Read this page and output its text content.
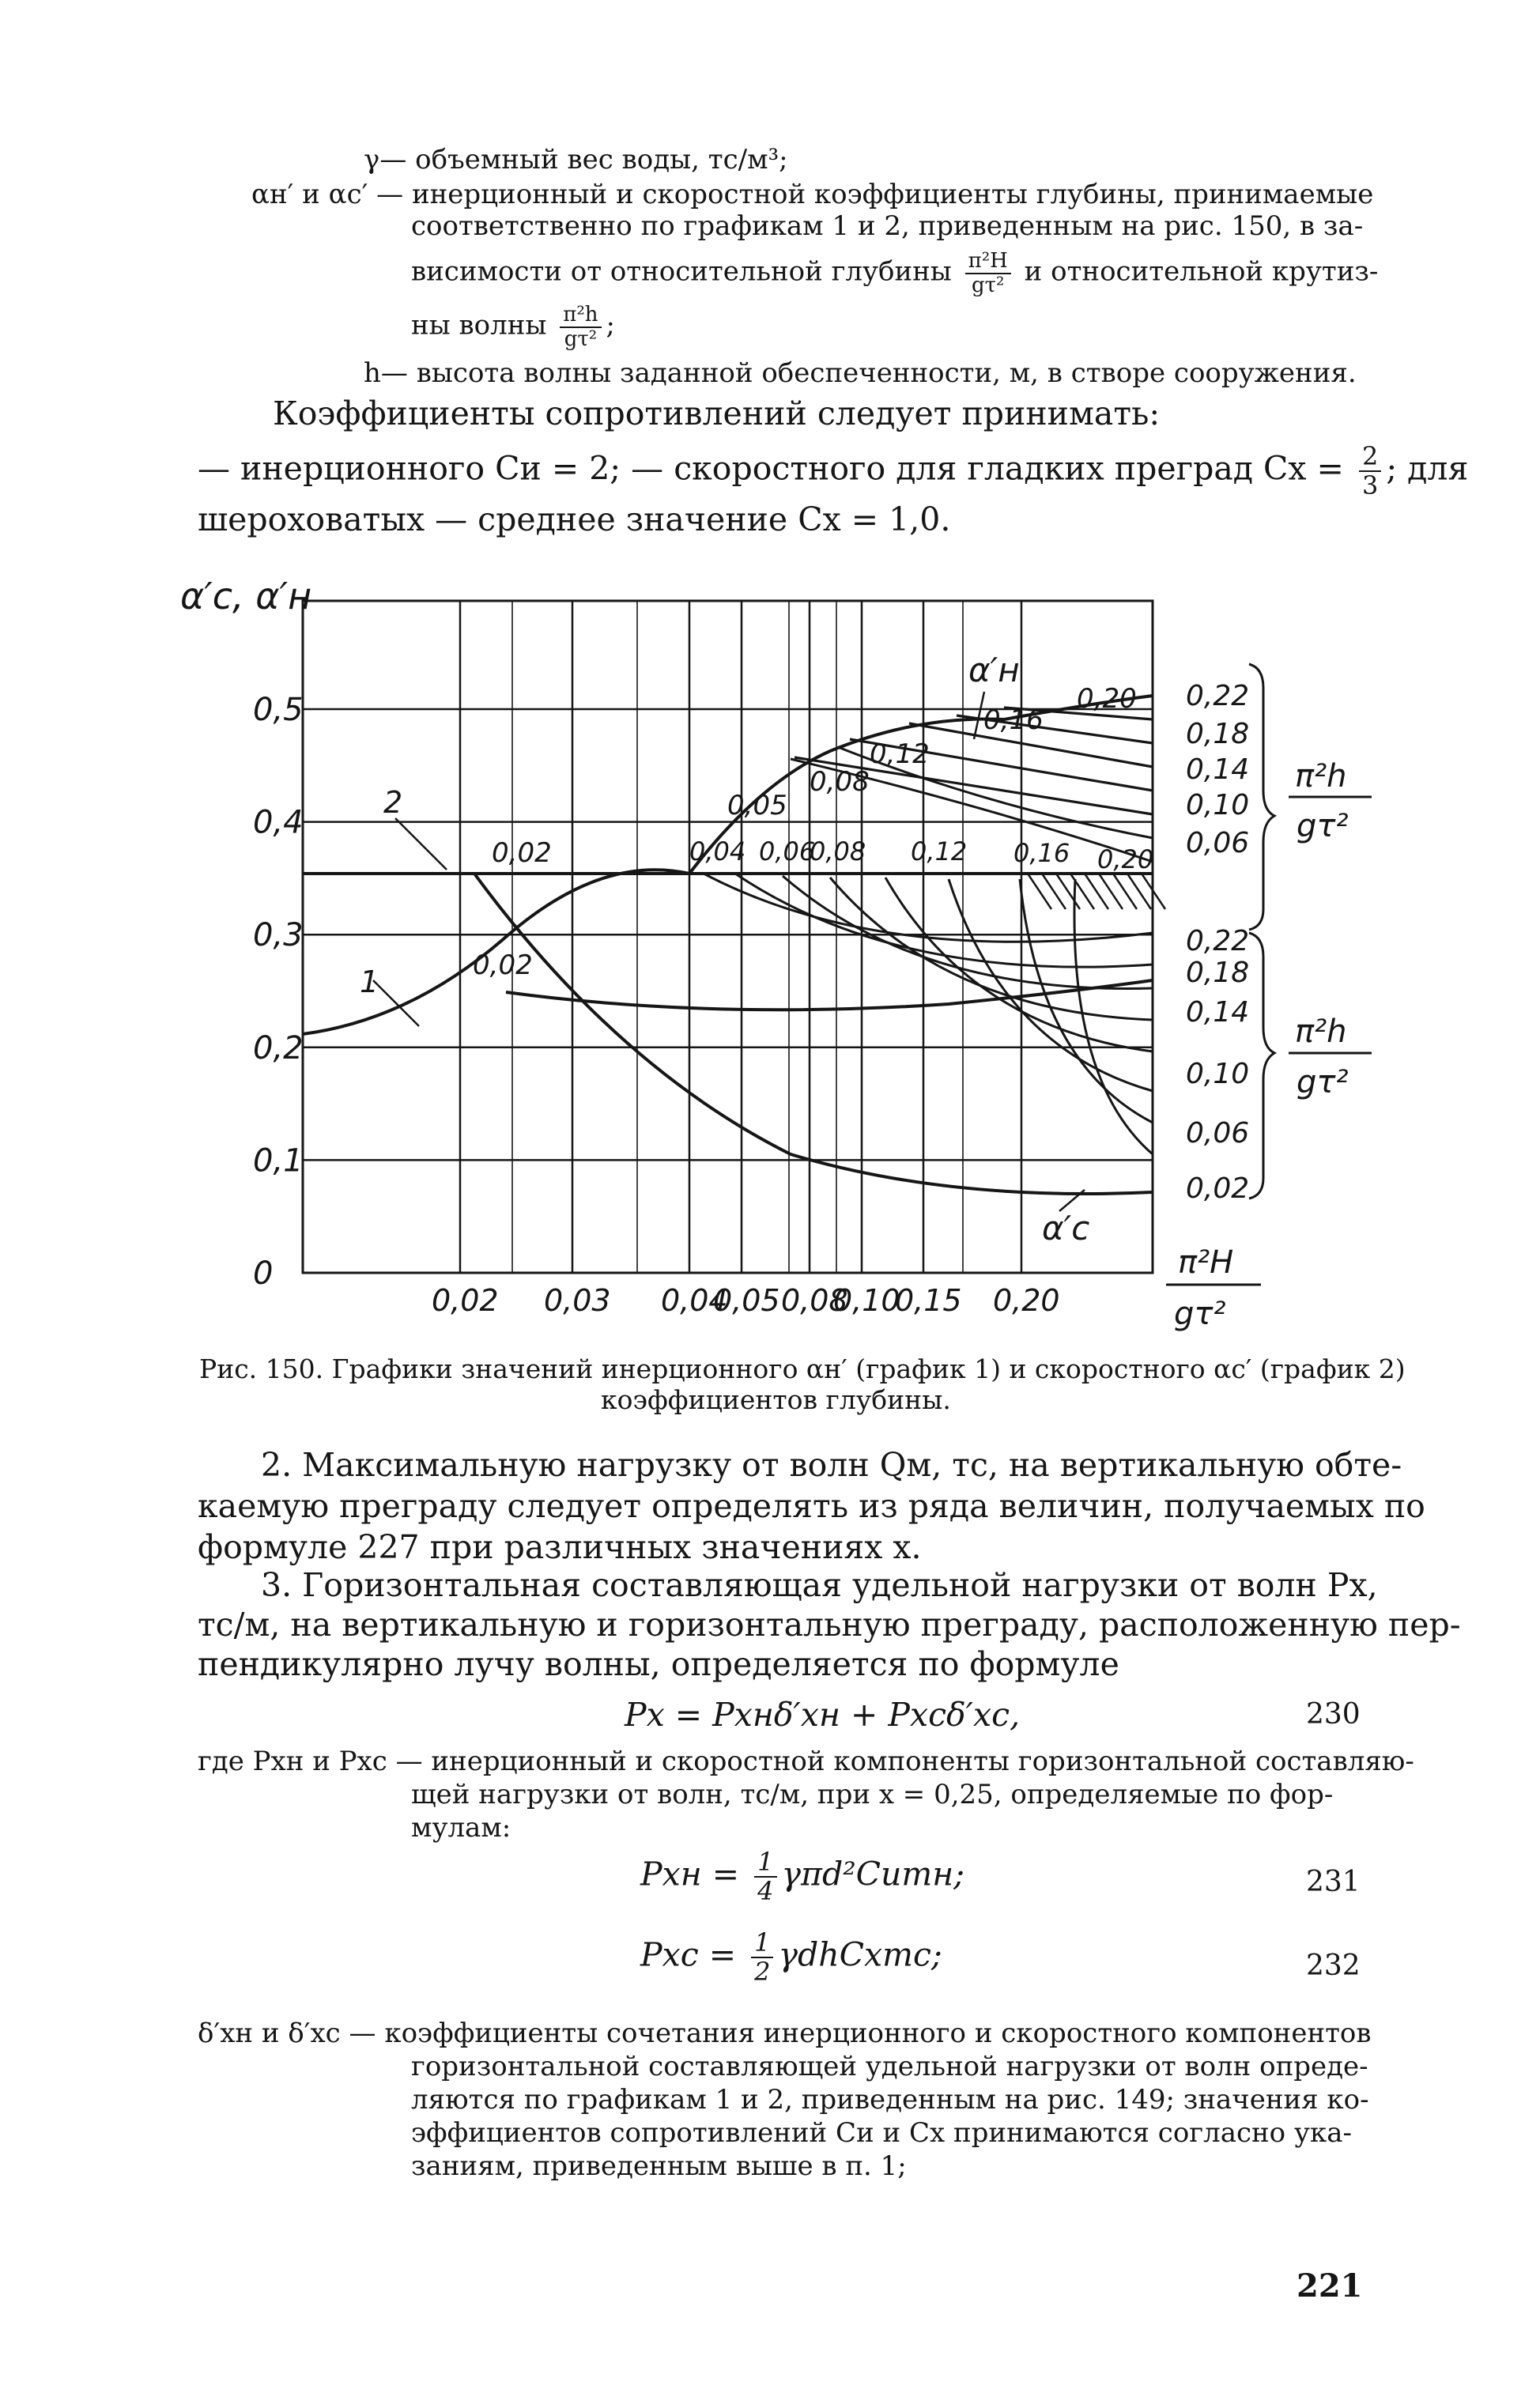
γ— объемный вес воды, тс/м³;
αн′ и αс′ — инерционный и скоростной коэффициенты глубины, принимаемые
соответственно по графикам 1 и 2, приведенным на рис. 150, в за-
висимости от относительной глубины $\frac{\text{π²H}}{\text{gτ²}}$ и относительной крутиз-
ны волны $\frac{\text{π²h}}{\text{gτ²}}$ ;
h— высота волны заданной обеспеченности, м, в створе сооружения.
Коэффициенты сопротивлений следует принимать:
— инерционного Cи = 2; — скоростного для гладких преград $Cx = \frac{2}{3}$ ; для
шероховатых — среднее значение Cx = 1,0.
α′с, α′н
0
0,1
0,2
0,3
0,4
0,5
0,02 0,03 0,04
0,05 0,08
0,10
0,15 0,20
π²H
gτ²
2
1
α′н
α′с
0,05
0,08
0,12
0,16
0,20
0,04 0,06
0,08 0,12 0,16 0,20
0,02
0,02
0,22
0,18
0,14
0,10
0,06
0,22
0,18
0,14
0,10
0,06
0,02
π²h
gτ²
π²h
gτ²
Рис. 150. Графики значений инерционного αн′ (график 1) и скоростного αс′ (график 2)
коэффициентов глубины.
2. Максимальную нагрузку от волн Qм, тс, на вертикальную обте-
каемую преграду следует определять из ряда величин, получаемых по
формуле 227 при различных значениях x.
3. Горизонтальная составляющая удельной нагрузки от волн Px,
тс/м, на вертикальную и горизонтальную преграду, расположенную пер-
пендикулярно лучу волны, определяется по формуле
Px = Pxнδ′xн + Pxсδ′xс,	230
где Pxн и Pxс — инерционный и скоростной компоненты горизонтальной составляю-
щей нагрузки от волн, тс/м, при x = 0,25, определяемые по фор-
мулам:
Pxн = $\frac{1}{4}$ γπd²Cиmн;	231
Pxс = $\frac{1}{2}$ γdhCxmс;	232
δ′xн и δ′xс — коэффициенты сочетания инерционного и скоростного компонентов
горизонтальной составляющей удельной нагрузки от волн опреде-
ляются по графикам 1 и 2, приведенным на рис. 149; значения ко-
эффициентов сопротивлений Cи и Cx принимаются согласно ука-
заниям, приведенным выше в п. 1;
221
